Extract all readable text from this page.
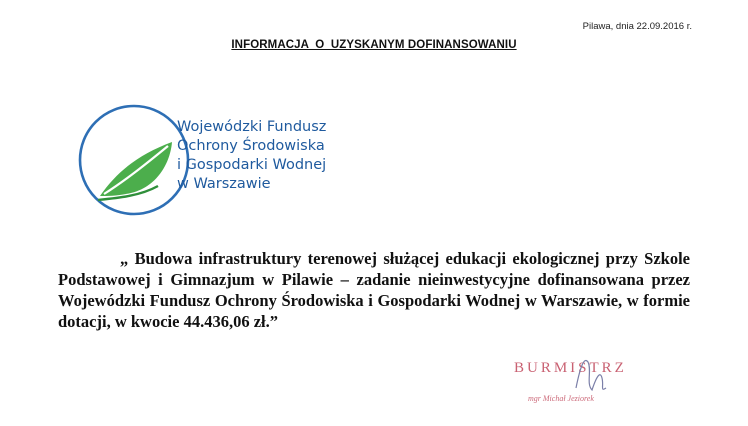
Pilawa, dnia 22.09.2016 r.
INFORMACJA  O  UZYSKANYM DOFINANSOWANIU
Wojewódzki Fundusz
Ochrony Środowiska
i Gospodarki Wodnej
w Warszawie
„ Budowa infrastruktury terenowej służącej edukacji ekologicznej przy Szkole Podstawowej i Gimnazjum w Pilawie – zadanie nieinwestycyjne dofinansowana przez Wojewódzki Fundusz Ochrony Środowiska i Gospodarki Wodnej w Warszawie, w formie dotacji, w kwocie 44.436,06 zł.”
BURMISTRZ
mgr Michał Jeziorek
